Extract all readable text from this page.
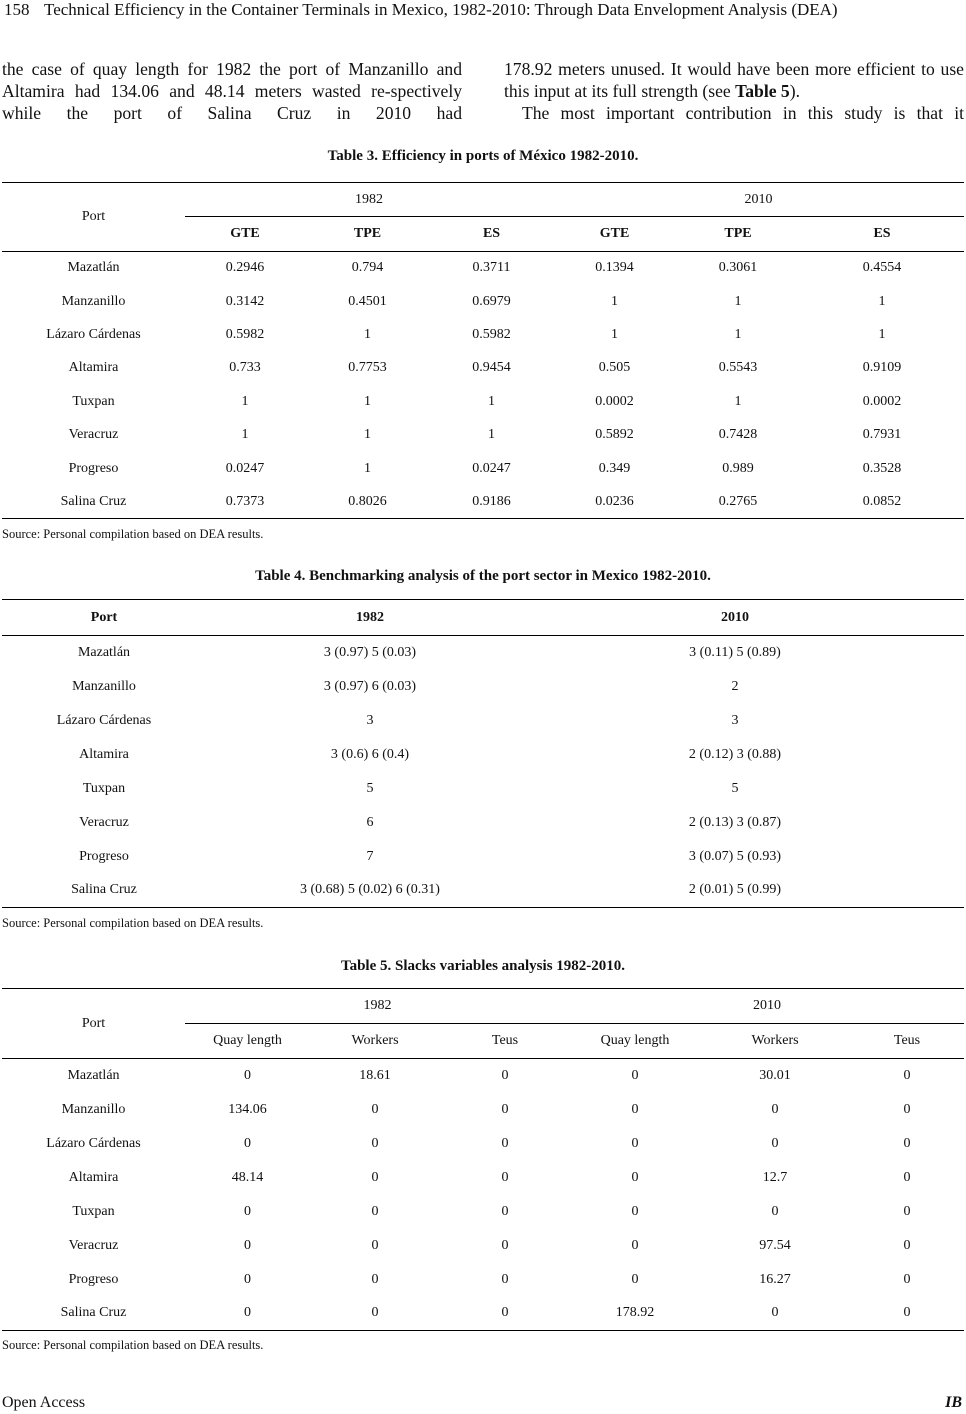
158 Technical Efficiency in the Container Terminals in Mexico, 1982-2010: Through Data Envelopment Analysis (DEA)

the case of quay length for 1982 the port of Manzanillo and Altamira had 134.06 and 48.14 meters wasted re-spectively while the port of Salina Cruz in 2010 had

178.92 meters unused. It would have been more efficient to use this input at its full strength (see Table 5).

The most important contribution in this study is that it

Table 3. Efficiency in ports of México 1982-2010.
Port	1982			2010		
	GTE	TPE	ES	GTE	TPE	ES
Mazatlán	0.2946	0.794	0.3711	0.1394	0.3061	0.4554
Manzanillo	0.3142	0.4501	0.6979	1	1	1
Lázaro Cárdenas	0.5982	1	0.5982	1	1	1
Altamira	0.733	0.7753	0.9454	0.505	0.5543	0.9109
Tuxpan	1	1	1	0.0002	1	0.0002
Veracruz	1	1	1	0.5892	0.7428	0.7931
Progreso	0.0247	1	0.0247	0.349	0.989	0.3528
Salina Cruz	0.7373	0.8026	0.9186	0.0236	0.2765	0.0852
Source: Personal compilation based on DEA results.
Table 4. Benchmarking analysis of the port sector in Mexico 1982-2010.
Port	1982	2010	
Mazatlán	3 (0.97) 5 (0.03)	3 (0.11) 5 (0.89)	
Manzanillo	3 (0.97) 6 (0.03)	2	
Lázaro Cárdenas	3	3	
Altamira	3 (0.6) 6 (0.4)	2 (0.12) 3 (0.88)	
Tuxpan	5	5	
Veracruz	6	2 (0.13) 3 (0.87)	
Progreso	7	3 (0.07) 5 (0.93)	
Salina Cruz	3 (0.68) 5 (0.02) 6 (0.31)	2 (0.01) 5 (0.99)	
Source: Personal compilation based on DEA results.
Table 5. Slacks variables analysis 1982-2010.
Port	1982			2010		
	Quay length	Workers	Teus	Quay length	Workers	Teus
Mazatlán	0	18.61	0	0	30.01	0
Manzanillo	134.06	0	0	0	0	0
Lázaro Cárdenas	0	0	0	0	0	0
Altamira	48.14	0	0	0	12.7	0
Tuxpan	0	0	0	0	0	0
Veracruz	0	0	0	0	97.54	0
Progreso	0	0	0	0	16.27	0
Salina Cruz	0	0	0	178.92	0	0
Source: Personal compilation based on DEA results.
Open Access	IB
